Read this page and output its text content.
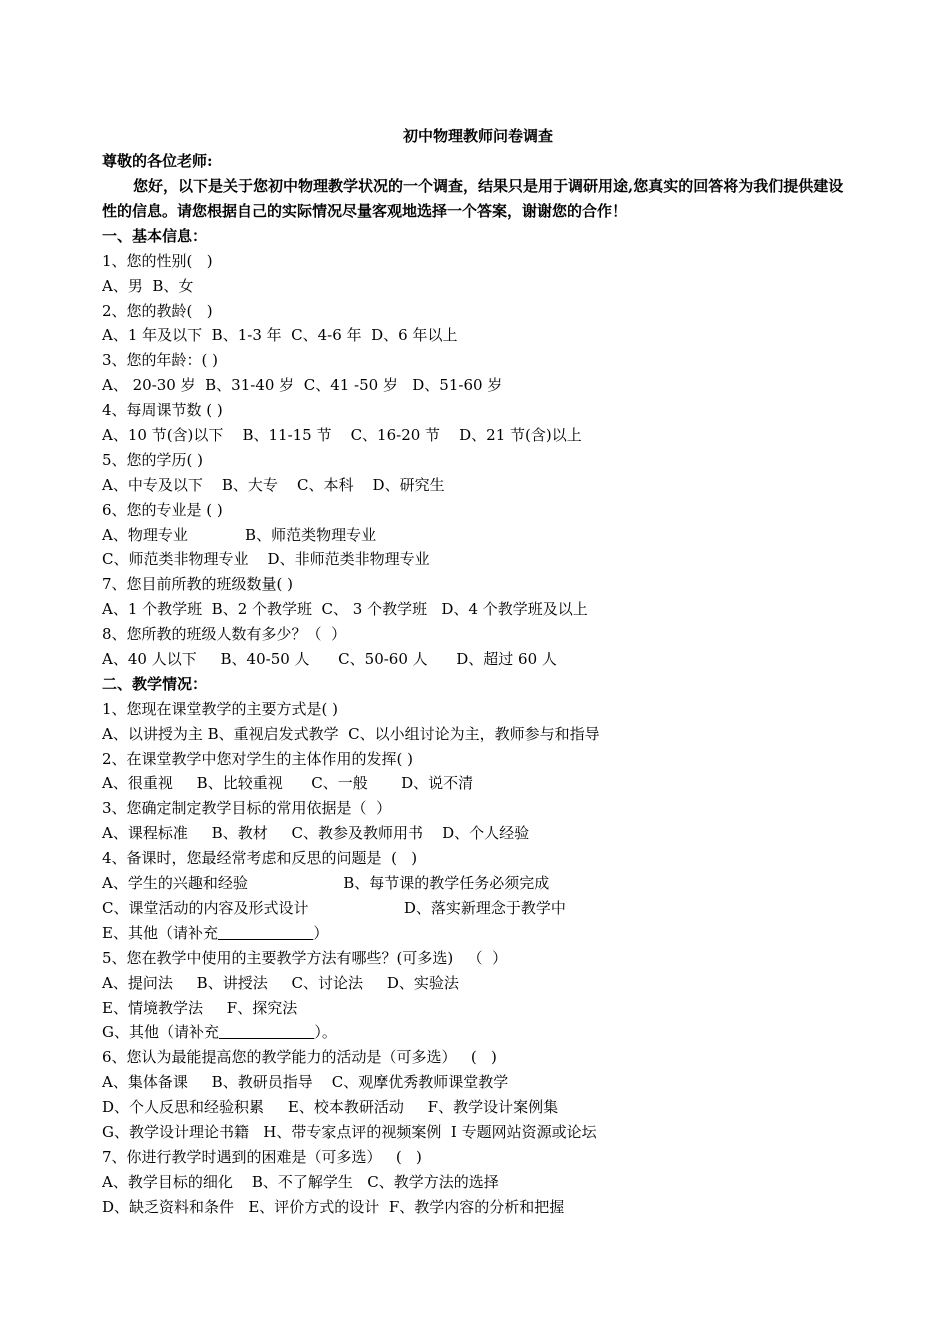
初中物理教师问卷调查
尊敬的各位老师:
您好，以下是关于您初中物理教学状况的一个调查，结果只是用于调研用途,您真实的回答将为我们提供建设性的信息。请您根据自己的实际情况尽量客观地选择一个答案，谢谢您的合作！
一、基本信息：
1、您的性别(   )
A、男  B、女
2、您的教龄(   )
A、1 年及以下  B、1-3 年  C、4-6 年  D、6 年以上
3、您的年龄：( )
A、 20-30 岁  B、31-40 岁  C、41 -50 岁   D、51-60 岁
4、每周课节数 ( )
A、10 节(含)以下    B、11-15 节    C、16-20 节    D、21 节(含)以上
5、您的学历( )
A、中专及以下    B、大专    C、本科    D、研究生
6、您的专业是 ( )
A、物理专业            B、师范类物理专业
C、师范类非物理专业    D、非师范类非物理专业
7、您目前所教的班级数量( )
A、1 个教学班  B、2 个教学班  C、 3 个教学班   D、4 个教学班及以上
8、您所教的班级人数有多少？（  ）
A、40 人以下     B、40-50 人      C、50-60 人      D、超过 60 人
二、教学情况：
1、您现在课堂教学的主要方式是( )
A、以讲授为主 B、重视启发式教学  C、以小组讨论为主，教师参与和指导
2、在课堂教学中您对学生的主体作用的发挥( )
A、很重视     B、比较重视      C、一般       D、说不清
3、您确定制定教学目标的常用依据是（  ）
A、课程标准     B、教材     C、教参及教师用书    D、个人经验
4、备课时，您最经常考虑和反思的问题是  (   )
A、学生的兴趣和经验                    B、每节课的教学任务必须完成
C、课堂活动的内容及形式设计                    D、落实新理念于教学中
E、其他（请补充	）
5、您在教学中使用的主要教学方法有哪些？(可多选)   （  ）
A、提问法     B、讲授法     C、讨论法     D、实验法
E、情境教学法     F、探究法
G、其他（请补充	）。
6、您认为最能提高您的教学能力的活动是（可多选）   (   )
A、集体备课     B、教研员指导    C、观摩优秀教师课堂教学
D、个人反思和经验积累     E、校本教研活动     F、教学设计案例集
G、教学设计理论书籍   H、带专家点评的视频案例  I 专题网站资源或论坛
7、你进行教学时遇到的困难是（可多选）   (   )
A、教学目标的细化    B、不了解学生   C、教学方法的选择
D、缺乏资料和条件   E、评价方式的设计  F、教学内容的分析和把握
